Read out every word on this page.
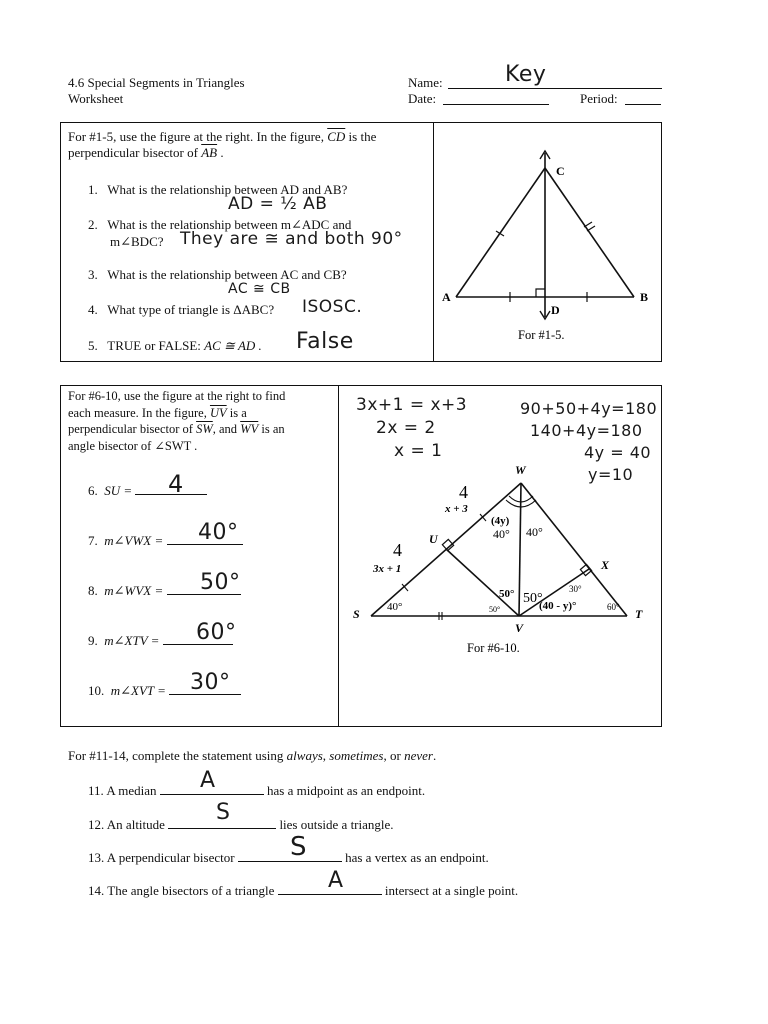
4.6 Special Segments in Triangles
Worksheet
Name:	Key
Date:	Period:
For #1-5, use the figure at the right. In the figure, $\overline{CD}$ is the
perpendicular bisector of $\overline{AB}$ .
1. What is the relationship between AD and AB?
AD = ½ AB
2. What is the relationship between m∠ADC and
m∠BDC? They are ≅ and both 90°
3. What is the relationship between AC and CB?
AC ≅ CB
4. What type of triangle is ΔABC? ISOSC.
5. TRUE or FALSE: AC ≅ AD . False
C
A	B
D
For #1-5.
For #6-10, use the figure at the right to find
each measure. In the figure, $\overline{UV}$ is a
perpendicular bisector of $\overline{SW}$, and $\overline{WV}$ is an
angle bisector of ∠SWT .
6. SU =	4
7. m∠VWX =	40°
8. m∠WVX =	50°
9. m∠XTV =	60°
10. m∠XVT =	30°
3x+1 = x+3
2x = 2
x = 1
90+50+4y=180
140+4y=180
4y = 40
y=10
W
U
X
S	T
V
x + 3
4
3x + 1
4
(4y)
40° 40°
50° 50°
(40 - y)°
30°
40°	60°
50°
For #6-10.
For #11-14, complete the statement using always, sometimes, or never.
11. A median	has a midpoint as an endpoint.
A
12. An altitude	lies outside a triangle.
S
13. A perpendicular bisector	has a vertex as an endpoint.
S
14. The angle bisectors of a triangle	intersect at a single point.
A
